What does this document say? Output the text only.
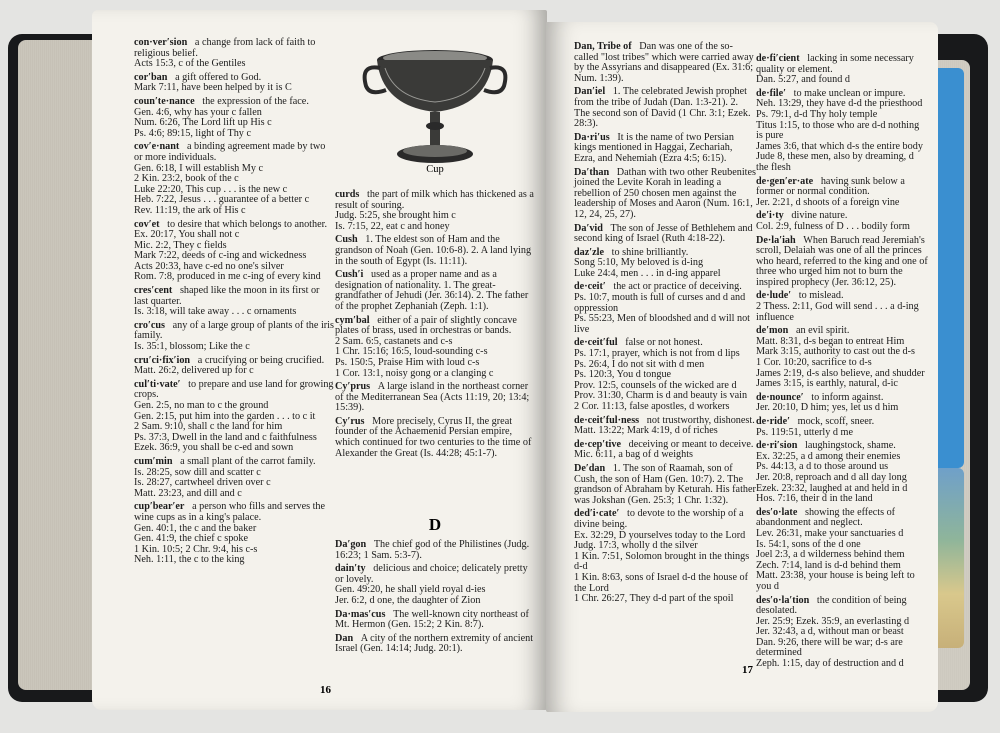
con·ver′sion a change from lack of faith to religious belief.
Acts 15:3, c of the Gentiles
cor′ban a gift offered to God.
Mark 7:11, have been helped by it is C
coun′te·nance the expression of the face.
Gen. 4:6, why has your c fallen
Num. 6:26, The Lord lift up His c
Ps. 4:6; 89:15, light of Thy c
cov′e·nant a binding agreement made by two or more individuals.
Gen. 6:18, I will establish My c
2 Kin. 23:2, book of the c
Luke 22:20, This cup . . . is the new c
Heb. 7:22, Jesus . . . guarantee of a better c
Rev. 11:19, the ark of His c
cov′et to desire that which belongs to another.
Ex. 20:17, You shall not c
Mic. 2:2, They c fields
Mark 7:22, deeds of c-ing and wickedness
Acts 20:33, have c-ed no one's silver
Rom. 7:8, produced in me c-ing of every kind
cres′cent shaped like the moon in its first or last quarter.
Is. 3:18, will take away . . . c ornaments
cro′cus any of a large group of plants of the iris family.
Is. 35:1, blossom; Like the c
cru′ci·fix′ion a crucifying or being crucified.
Matt. 26:2, delivered up for c
cul′ti·vate′ to prepare and use land for growing crops.
Gen. 2:5, no man to c the ground
Gen. 2:15, put him into the garden . . . to c it
2 Sam. 9:10, shall c the land for him
Ps. 37:3, Dwell in the land and c faithfulness
Ezek. 36:9, you shall be c-ed and sown
cum′min a small plant of the carrot family.
Is. 28:25, sow dill and scatter c
Is. 28:27, cartwheel driven over c
Matt. 23:23, and dill and c
cup′bear′er a person who fills and serves the wine cups as in a king's palace.
Gen. 40:1, the c and the baker
Gen. 41:9, the chief c spoke
1 Kin. 10:5; 2 Chr. 9:4, his c-s
Neh. 1:11, the c to the king
Cup
curds the part of milk which has thickened as a result of souring.
Judg. 5:25, she brought him c
Is. 7:15, 22, eat c and honey
Cush 1. The eldest son of Ham and the grandson of Noah (Gen. 10:6-8). 2. A land lying in the south of Egypt (Is. 11:11).
Cush′i used as a proper name and as a designation of nationality. 1. The great-grandfather of Jehudi (Jer. 36:14). 2. The father of the prophet Zephaniah (Zeph. 1:1).
cym′bal either of a pair of slightly concave plates of brass, used in orchestras or bands.
2 Sam. 6:5, castanets and c-s
1 Chr. 15:16; 16:5, loud-sounding c-s
Ps. 150:5, Praise Him with loud c-s
1 Cor. 13:1, noisy gong or a clanging c
Cy′prus A large island in the northeast corner of the Mediterranean Sea (Acts 11:19, 20; 13:4; 15:39).
Cy′rus More precisely, Cyrus II, the great founder of the Achaemenid Persian empire, which continued for two centuries to the time of Alexander the Great (Is. 44:28; 45:1-7).
D
Da′gon The chief god of the Philistines (Judg. 16:23; 1 Sam. 5:3-7).
dain′ty delicious and choice; delicately pretty or lovely.
Gen. 49:20, he shall yield royal d-ies
Jer. 6:2, d one, the daughter of Zion
Da·mas′cus The well-known city northeast of Mt. Hermon (Gen. 15:2; 2 Kin. 8:7).
Dan A city of the northern extremity of ancient Israel (Gen. 14:14; Judg. 20:1).
16
Dan, Tribe of Dan was one of the so-called "lost tribes" which were carried away by the Assyrians and disappeared (Ex. 31:6; Num. 1:39).
Dan′iel 1. The celebrated Jewish prophet from the tribe of Judah (Dan. 1:3-21). 2. The second son of David (1 Chr. 3:1; Ezek. 28:3).
Da·ri′us It is the name of two Persian kings mentioned in Haggai, Zechariah, Ezra, and Nehemiah (Ezra 4:5; 6:15).
Da′than Dathan with two other Reubenites joined the Levite Korah in leading a rebellion of 250 chosen men against the leadership of Moses and Aaron (Num. 16:1, 12, 24, 25, 27).
Da′vid The son of Jesse of Bethlehem and second king of Israel (Ruth 4:18-22).
daz′zle to shine brilliantly.
Song 5:10, My beloved is d-ing
Luke 24:4, men . . . in d-ing apparel
de·ceit′ the act or practice of deceiving.
Ps. 10:7, mouth is full of curses and d and oppression
Ps. 55:23, Men of bloodshed and d will not live
de·ceit′ful false or not honest.
Ps. 17:1, prayer, which is not from d lips
Ps. 26:4, I do not sit with d men
Ps. 120:3, You d tongue
Prov. 12:5, counsels of the wicked are d
Prov. 31:30, Charm is d and beauty is vain
2 Cor. 11:13, false apostles, d workers
de·ceit′ful·ness not trustworthy, dishonest.
Matt. 13:22; Mark 4:19, d of riches
de·cep′tive deceiving or meant to deceive.
Mic. 6:11, a bag of d weights
De′dan 1. The son of Raamah, son of Cush, the son of Ham (Gen. 10:7). 2. The grandson of Abraham by Keturah. His father was Jokshan (Gen. 25:3; 1 Chr. 1:32).
ded′i·cate′ to devote to the worship of a divine being.
Ex. 32:29, D yourselves today to the Lord
Judg. 17:3, wholly d the silver
1 Kin. 7:51, Solomon brought in the things d-d
1 Kin. 8:63, sons of Israel d-d the house of the Lord
1 Chr. 26:27, They d-d part of the spoil
de·fi′cient lacking in some necessary quality or element.
Dan. 5:27, and found d
de·file′ to make unclean or impure.
Neh. 13:29, they have d-d the priesthood
Ps. 79:1, d-d Thy holy temple
Titus 1:15, to those who are d-d nothing is pure
James 3:6, that which d-s the entire body
Jude 8, these men, also by dreaming, d the flesh
de·gen′er·ate having sunk below a former or normal condition.
Jer. 2:21, d shoots of a foreign vine
de′i·ty divine nature.
Col. 2:9, fulness of D . . . bodily form
De·la′iah When Baruch read Jeremiah's scroll, Delaiah was one of all the princes who heard, referred to the king and one of three who urged him not to burn the inspired prophecy (Jer. 36:12, 25).
de·lude′ to mislead.
2 Thess. 2:11, God will send . . . a d-ing influence
de′mon an evil spirit.
Matt. 8:31, d-s began to entreat Him
Mark 3:15, authority to cast out the d-s
1 Cor. 10:20, sacrifice to d-s
James 2:19, d-s also believe, and shudder
James 3:15, is earthly, natural, d-ic
de·nounce′ to inform against.
Jer. 20:10, D him; yes, let us d him
de·ride′ mock, scoff, sneer.
Ps. 119:51, utterly d me
de·ri′sion laughingstock, shame.
Ex. 32:25, a d among their enemies
Ps. 44:13, a d to those around us
Jer. 20:8, reproach and d all day long
Ezek. 23:32, laughed at and held in d
Hos. 7:16, their d in the land
des′o·late showing the effects of abandonment and neglect.
Lev. 26:31, make your sanctuaries d
Is. 54:1, sons of the d one
Joel 2:3, a d wilderness behind them
Zech. 7:14, land is d-d behind them
Matt. 23:38, your house is being left to you d
des′o·la′tion the condition of being desolated.
Jer. 25:9; Ezek. 35:9, an everlasting d
Jer. 32:43, a d, without man or beast
Dan. 9:26, there will be war; d-s are determined
Zeph. 1:15, day of destruction and d
17
